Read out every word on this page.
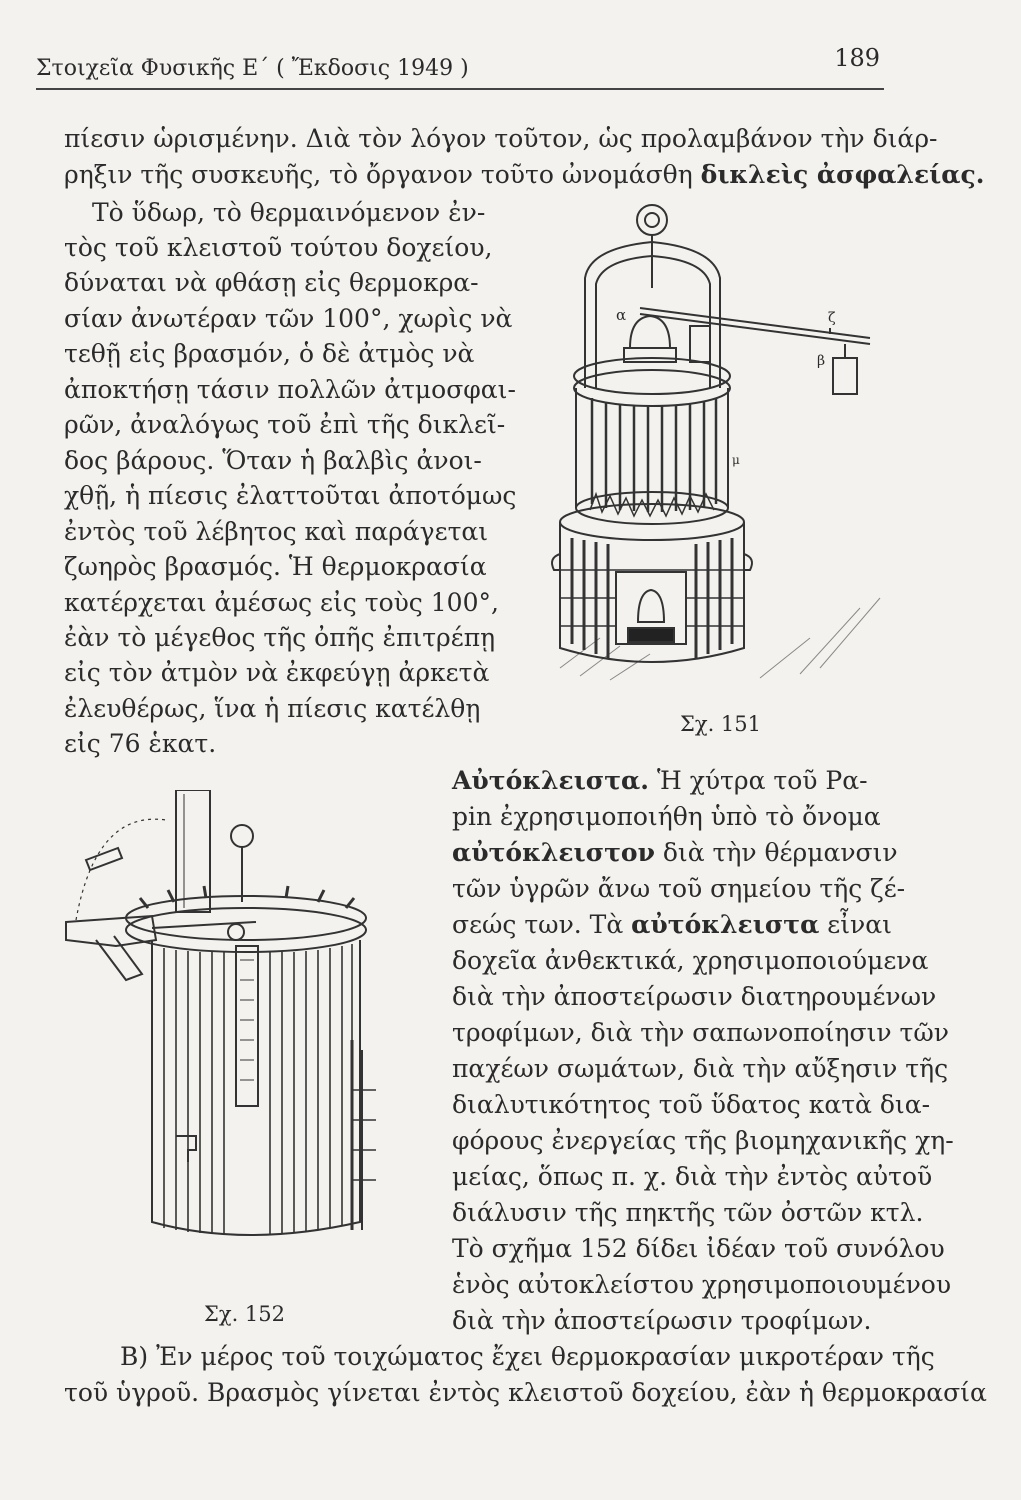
Στοιχεῖα Φυσικῆς Ε΄ ( Ἔκδοσις 1949 )	189
πίεσιν ὡρισμένην. Διὰ τὸν λόγον τοῦτον, ὡς προλαμβάνον τὴν διάρ-
ρηξιν τῆς συσκευῆς, τὸ ὄργανον τοῦτο ὠνομάσθη δικλεὶς ἀσφαλείας.
Τὸ ὕδωρ, τὸ θερμαινόμενον ἐν-
τὸς τοῦ κλειστοῦ τούτου δοχείου,
δύναται νὰ φθάσῃ εἰς θερμοκρα-
σίαν ἀνωτέραν τῶν 100°, χωρὶς νὰ
τεθῇ εἰς βρασμόν, ὁ δὲ ἀτμὸς νὰ
ἀποκτήσῃ τάσιν πολλῶν ἀτμοσφαι-
ρῶν, ἀναλόγως τοῦ ἐπὶ τῆς δικλεῖ-
δος βάρους. Ὅταν ἡ βαλβὶς ἀνοι-
χθῇ, ἡ πίεσις ἐλαττοῦται ἀποτόμως
ἐντὸς τοῦ λέβητος καὶ παράγεται
ζωηρὸς βρασμός. Ἡ θερμοκρασία
κατέρχεται ἀμέσως εἰς τοὺς 100°,
ἐὰν τὸ μέγεθος τῆς ὀπῆς ἐπιτρέπῃ
εἰς τὸν ἀτμὸν νὰ ἐκφεύγῃ ἀρκετὰ
ἐλευθέρως, ἵνα ἡ πίεσις κατέλθῃ
εἰς 76 ἑκατ.
α
β
ζ
μ
Σχ. 151
Αὐτόκλειστα. Ἡ χύτρα τοῦ Ρα-
pin ἐχρησιμοποιήθη ὑπὸ τὸ ὄνομα
αὐτόκλειστον διὰ τὴν θέρμανσιν
τῶν ὑγρῶν ἄνω τοῦ σημείου τῆς ζέ-
σεώς των. Τὰ αὐτόκλειστα εἶναι
δοχεῖα ἀνθεκτικά, χρησιμοποιούμενα
διὰ τὴν ἀποστείρωσιν διατηρουμένων
τροφίμων, διὰ τὴν σαπωνοποίησιν τῶν
παχέων σωμάτων, διὰ τὴν αὔξησιν τῆς
διαλυτικότητος τοῦ ὕδατος κατὰ δια-
φόρους ἐνεργείας τῆς βιομηχανικῆς χη-
μείας, ὅπως π. χ. διὰ τὴν ἐντὸς αὐτοῦ
διάλυσιν τῆς πηκτῆς τῶν ὀστῶν κτλ.
Τὸ σχῆμα 152 δίδει ἰδέαν τοῦ συνόλου
ἑνὸς αὐτοκλείστου χρησιμοποιουμένου
διὰ τὴν ἀποστείρωσιν τροφίμων.
Σχ. 152
Β) Ἐν μέρος τοῦ τοιχώματος ἔχει θερμοκρασίαν μικροτέραν τῆς
τοῦ ὑγροῦ. Βρασμὸς γίνεται ἐντὸς κλειστοῦ δοχείου, ἐὰν ἡ θερμοκρασία
